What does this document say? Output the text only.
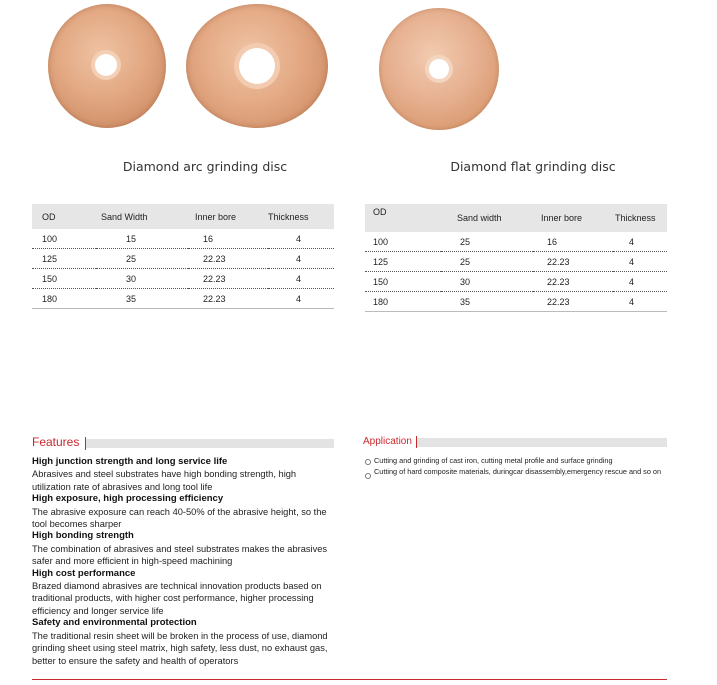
Diamond arc grinding disc	Diamond flat grinding disc
OD	Sand Width	Inner bore	Thickness
100	15	16	4
125	25	22.23	4
150	30	22.23	4
180	35	22.23	4
OD	Sand width	Inner bore	Thickness
100	25	16	4
125	25	22.23	4
150	30	22.23	4
180	35	22.23	4
Features	Application
High junction strength and long service life
Abrasives and steel substrates have high bonding strength, high utilization rate of abrasives and long tool life
High exposure, high processing efficiency
The abrasive exposure can reach 40-50% of the abrasive height, so the tool becomes sharper
High bonding strength
The combination of abrasives and steel substrates makes the abrasives safer and more efficient in high-speed machining
High cost performance
Brazed diamond abrasives are technical innovation products based on traditional products, with higher cost performance, higher processing efficiency and longer service life
Safety and environmental protection
The traditional resin sheet will be broken in the process of use, diamond grinding sheet using steel matrix, high safety, less dust, no exhaust gas, better to ensure the safety and health of operators
Cutting and grinding of cast iron, cutting metal profile and surface grinding
Cutting of hard composite materials, duringcar disassembly,emergency rescue and so on
